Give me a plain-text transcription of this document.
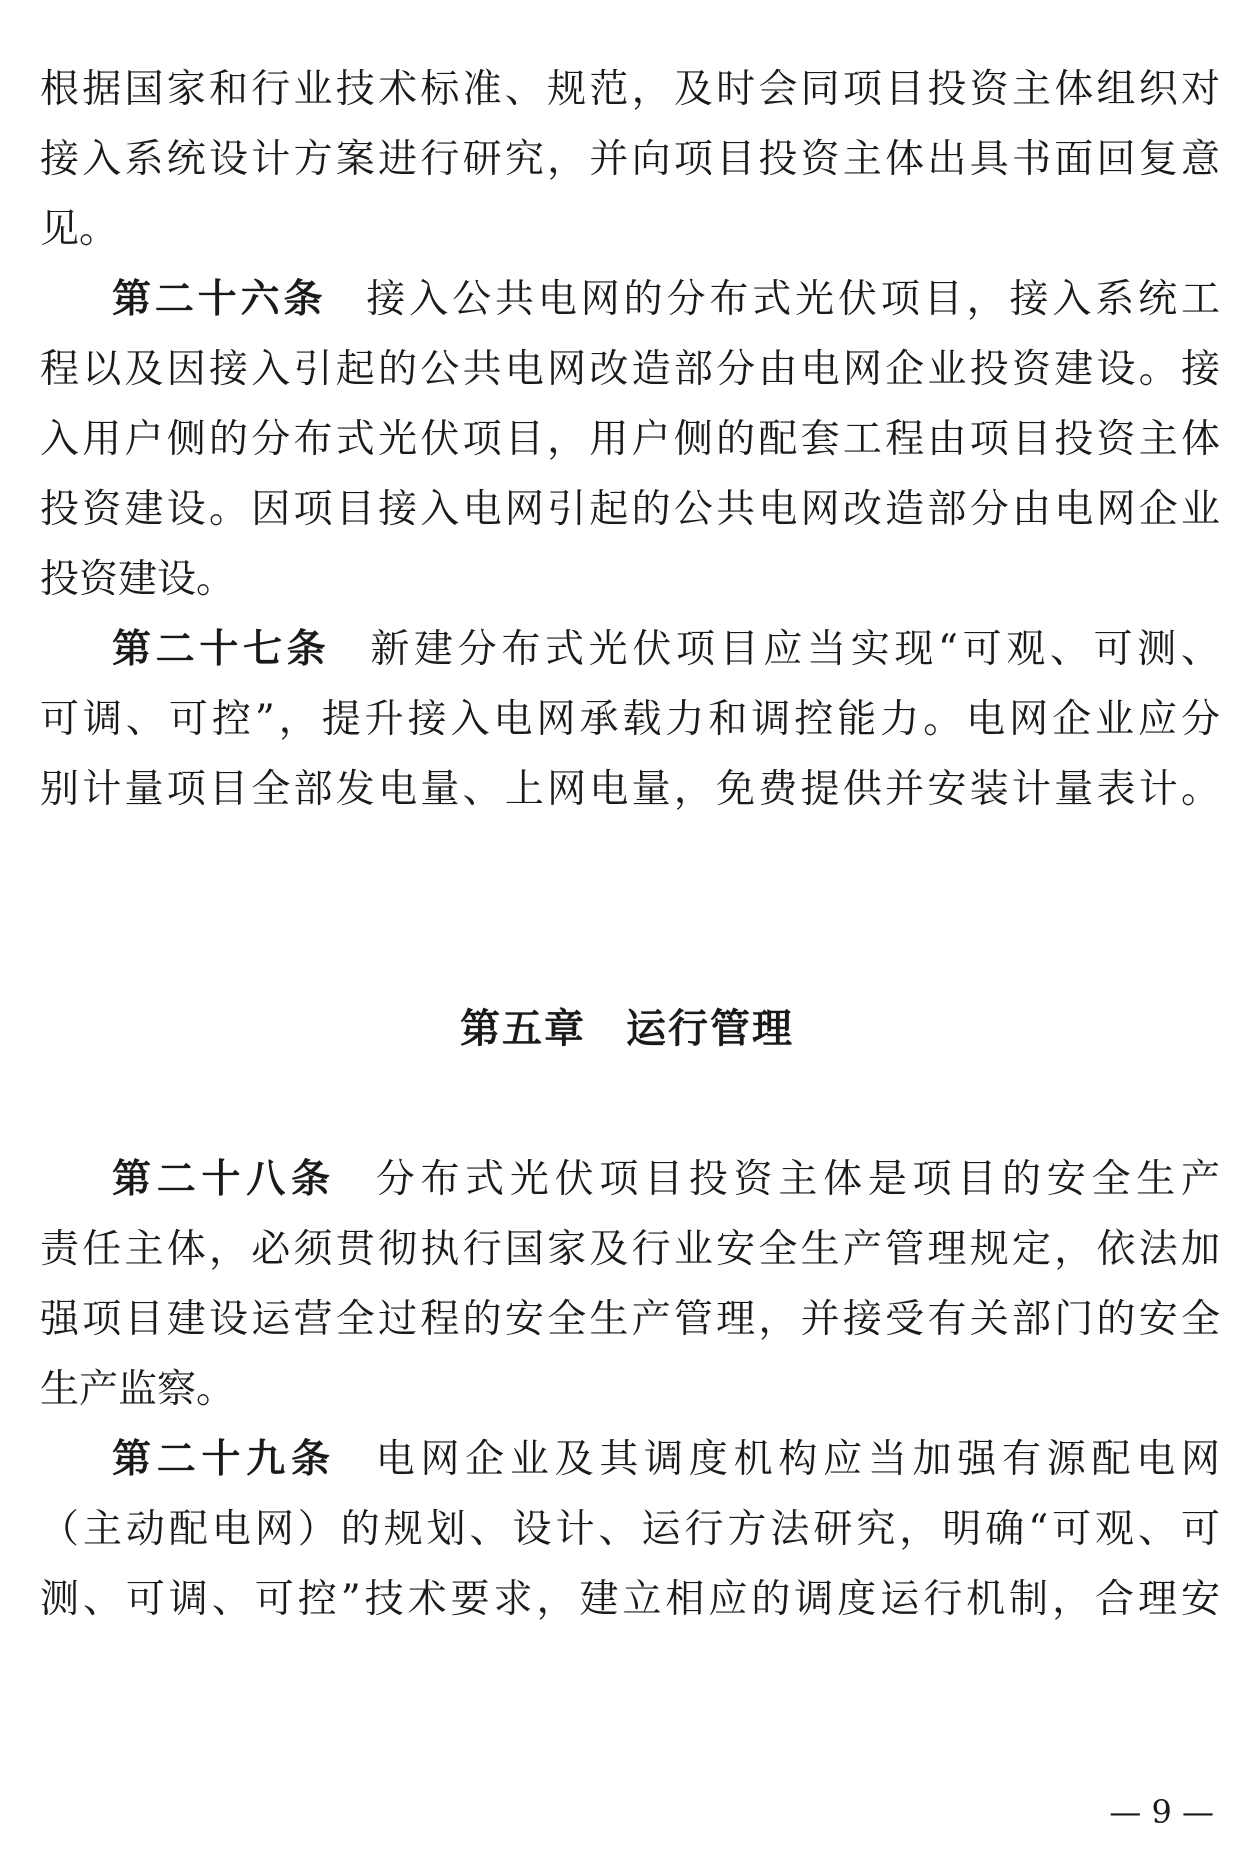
根据国家和行业技术标准、规范，及时会同项目投资主体组织对
接入系统设计方案进行研究，并向项目投资主体出具书面回复意
见。
第二十六条 接入公共电网的分布式光伏项目，接入系统工
程以及因接入引起的公共电网改造部分由电网企业投资建设。接
入用户侧的分布式光伏项目，用户侧的配套工程由项目投资主体
投资建设。因项目接入电网引起的公共电网改造部分由电网企业
投资建设。
第二十七条 新建分布式光伏项目应当实现“可观、可测、
可调、可控”，提升接入电网承载力和调控能力。电网企业应分
别计量项目全部发电量、上网电量，免费提供并安装计量表计。
第五章 运行管理
第二十八条 分布式光伏项目投资主体是项目的安全生产
责任主体，必须贯彻执行国家及行业安全生产管理规定，依法加
强项目建设运营全过程的安全生产管理，并接受有关部门的安全
生产监察。
第二十九条 电网企业及其调度机构应当加强有源配电网
（主动配电网）的规划、设计、运行方法研究，明确“可观、可
测、可调、可控”技术要求，建立相应的调度运行机制，合理安
— 9 —
